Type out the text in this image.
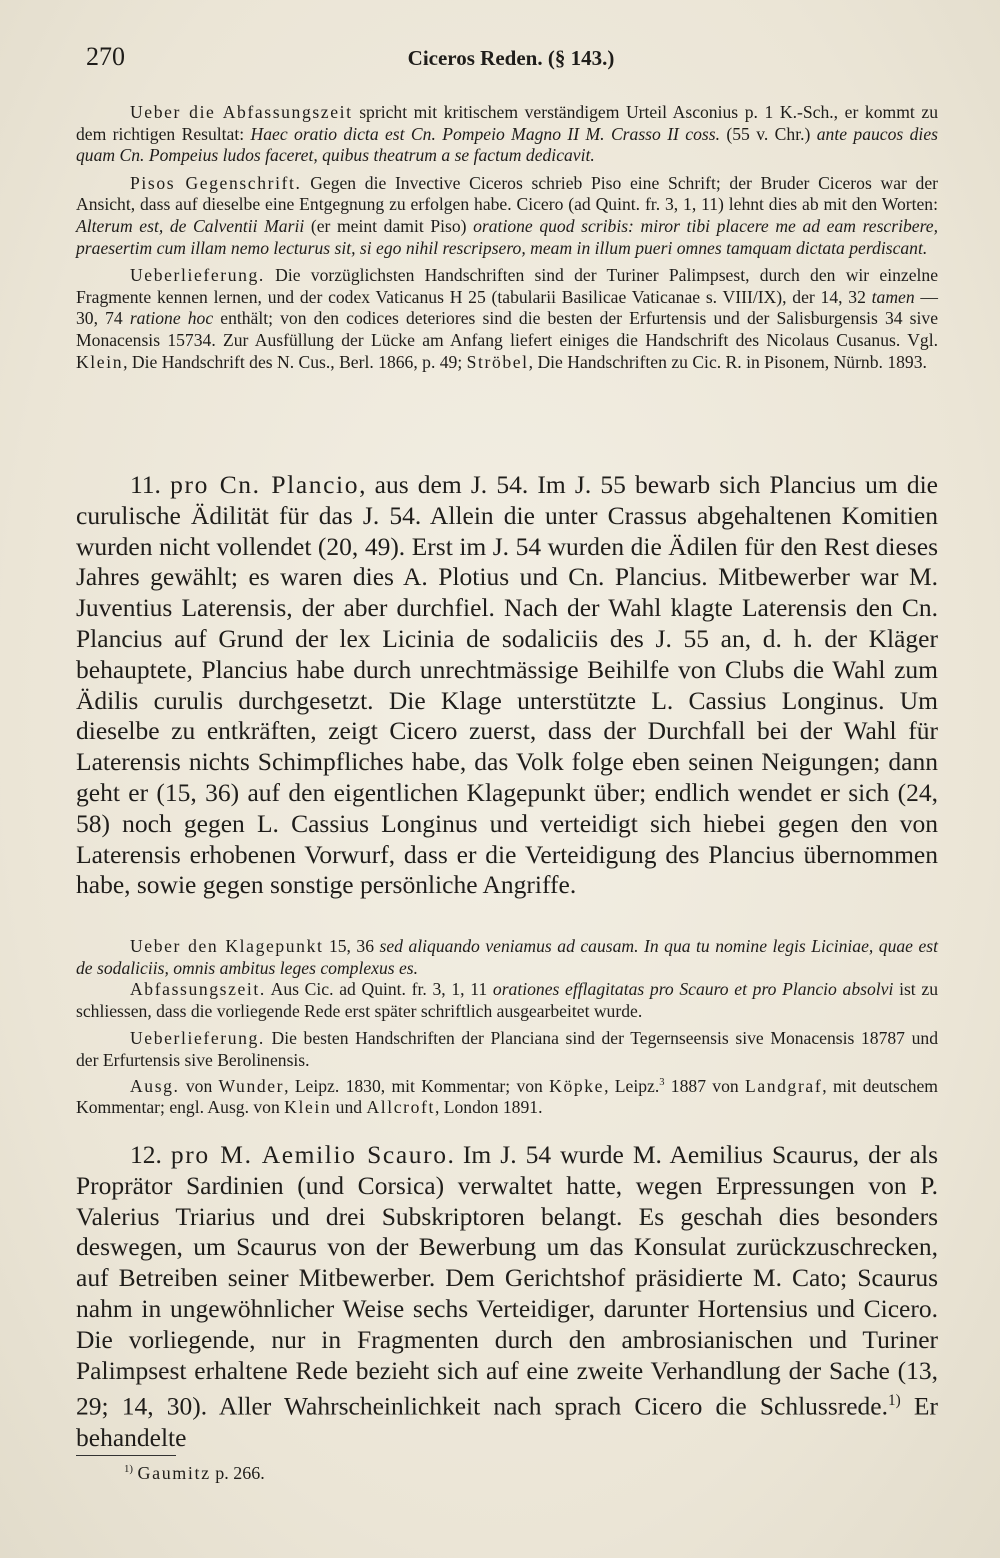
270	Ciceros Reden. (§ 143.)

Ueber die Abfassungszeit spricht mit kritischem verständigem Urteil Asconius p. 1 K.-Sch., er kommt zu dem richtigen Resultat: Haec oratio dicta est Cn. Pompeio Magno II M. Crasso II coss. (55 v. Chr.) ante paucos dies quam Cn. Pompeius ludos faceret, quibus theatrum a se factum dedicavit.

Pisos Gegenschrift. Gegen die Invective Ciceros schrieb Piso eine Schrift; der Bruder Ciceros war der Ansicht, dass auf dieselbe eine Entgegnung zu erfolgen habe. Cicero (ad Quint. fr. 3, 1, 11) lehnt dies ab mit den Worten: Alterum est, de Calventii Marii (er meint damit Piso) oratione quod scribis: miror tibi placere me ad eam rescribere, praesertim cum illam nemo lecturus sit, si ego nihil rescripsero, meam in illum pueri omnes tamquam dictata perdiscant.

Ueberlieferung. Die vorzüglichsten Handschriften sind der Turiner Palimpsest, durch den wir einzelne Fragmente kennen lernen, und der codex Vaticanus H 25 (tabularii Basilicae Vaticanae s. VIII/IX), der 14, 32 tamen — 30, 74 ratione hoc enthält; von den codices deteriores sind die besten der Erfurtensis und der Salisburgensis 34 sive Monacensis 15734. Zur Ausfüllung der Lücke am Anfang liefert einiges die Handschrift des Nicolaus Cusanus. Vgl. Klein, Die Handschrift des N. Cus., Berl. 1866, p. 49; Ströbel, Die Handschriften zu Cic. R. in Pisonem, Nürnb. 1893.

11. pro Cn. Plancio, aus dem J. 54. Im J. 55 bewarb sich Plancius um die curulische Ädilität für das J. 54. Allein die unter Crassus abgehaltenen Komitien wurden nicht vollendet (20, 49). Erst im J. 54 wurden die Ädilen für den Rest dieses Jahres gewählt; es waren dies A. Plotius und Cn. Plancius. Mitbewerber war M. Juventius Laterensis, der aber durchfiel. Nach der Wahl klagte Laterensis den Cn. Plancius auf Grund der lex Licinia de sodaliciis des J. 55 an, d. h. der Kläger behauptete, Plancius habe durch unrechtmässige Beihilfe von Clubs die Wahl zum Ädilis curulis durchgesetzt. Die Klage unterstützte L. Cassius Longinus. Um dieselbe zu entkräften, zeigt Cicero zuerst, dass der Durchfall bei der Wahl für Laterensis nichts Schimpfliches habe, das Volk folge eben seinen Neigungen; dann geht er (15, 36) auf den eigentlichen Klagepunkt über; endlich wendet er sich (24, 58) noch gegen L. Cassius Longinus und verteidigt sich hiebei gegen den von Laterensis erhobenen Vorwurf, dass er die Verteidigung des Plancius übernommen habe, sowie gegen sonstige persönliche Angriffe.

Ueber den Klagepunkt 15, 36 sed aliquando veniamus ad causam. In qua tu nomine legis Liciniae, quae est de sodaliciis, omnis ambitus leges complexus es.

Abfassungszeit. Aus Cic. ad Quint. fr. 3, 1, 11 orationes efflagitatas pro Scauro et pro Plancio absolvi ist zu schliessen, dass die vorliegende Rede erst später schriftlich ausgearbeitet wurde.

Ueberlieferung. Die besten Handschriften der Planciana sind der Tegernseensis sive Monacensis 18787 und der Erfurtensis sive Berolinensis.

Ausg. von Wunder, Leipz. 1830, mit Kommentar; von Köpke, Leipz.$^3$ 1887 von Landgraf, mit deutschem Kommentar; engl. Ausg. von Klein und Allcroft, London 1891.

12. pro M. Aemilio Scauro. Im J. 54 wurde M. Aemilius Scaurus, der als Proprätor Sardinien (und Corsica) verwaltet hatte, wegen Erpressungen von P. Valerius Triarius und drei Subskriptoren belangt. Es geschah dies besonders deswegen, um Scaurus von der Bewerbung um das Konsulat zurückzuschrecken, auf Betreiben seiner Mitbewerber. Dem Gerichtshof präsidierte M. Cato; Scaurus nahm in ungewöhnlicher Weise sechs Verteidiger, darunter Hortensius und Cicero. Die vorliegende, nur in Fragmenten durch den ambrosianischen und Turiner Palimpsest erhaltene Rede bezieht sich auf eine zweite Verhandlung der Sache (13, 29; 14, 30). Aller Wahrscheinlichkeit nach sprach Cicero die Schlussrede.$^{1)}$ Er behandelte

$^{1)}$ Gaumitz p. 266.
